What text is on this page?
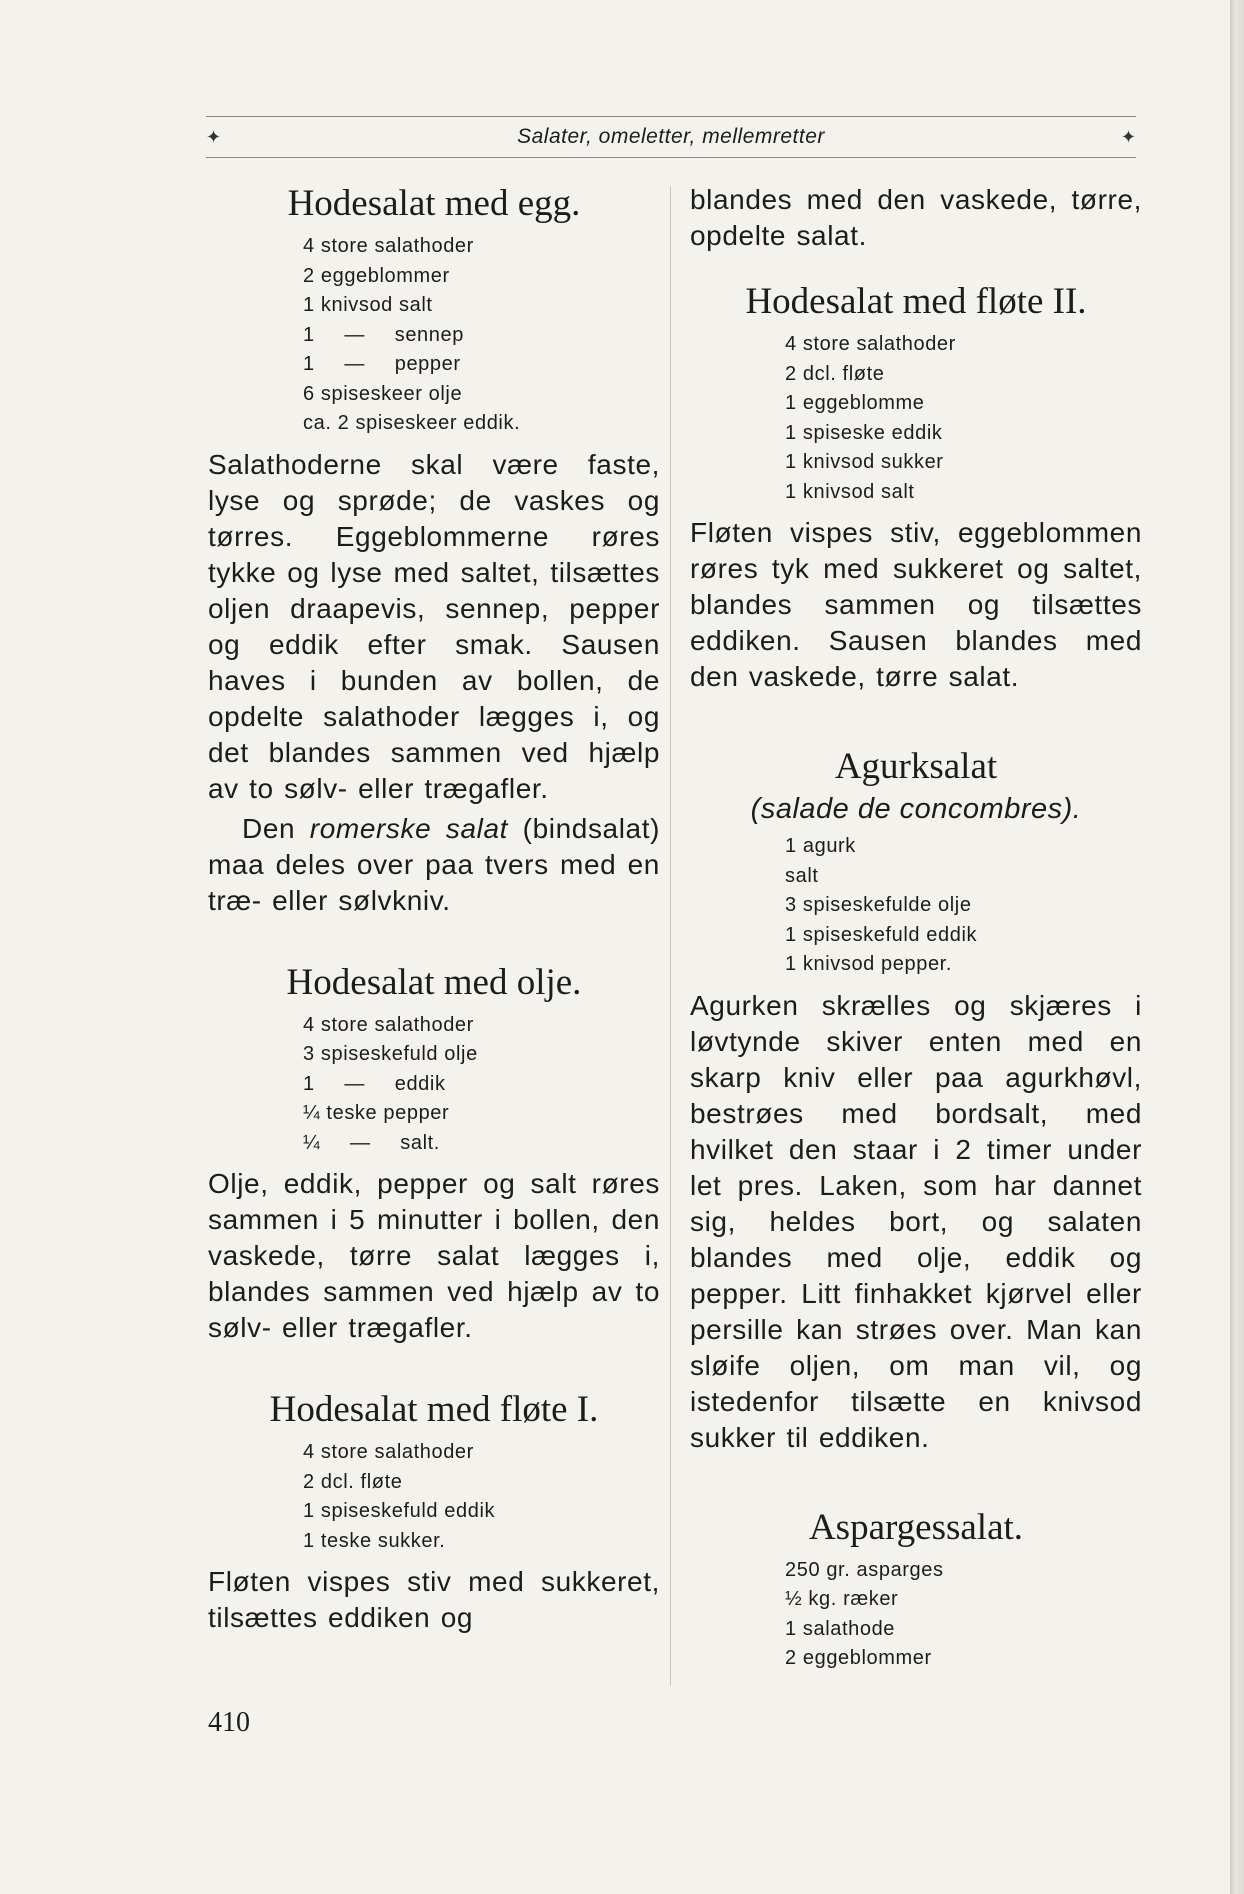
✦	Salater, omeletter, mellemretter	✦
Hodesalat med egg.
4 store salathoder
2 eggeblommer
1 knivsod salt
1 — sennep
1 — pepper
6 spiseskeer olje
ca. 2 spiseskeer eddik.

Salathoderne skal være faste, lyse og sprøde; de vaskes og tørres. Eggeblommerne røres tykke og lyse med saltet, tilsættes oljen draapevis, sennep, pepper og eddik efter smak. Sausen haves i bunden av bollen, de opdelte salathoder lægges i, og det blandes sammen ved hjælp av to sølv- eller trægafler.

Den romerske salat (bindsalat) maa deles over paa tvers med en træ- eller sølvkniv.

Hodesalat med olje.
4 store salathoder
3 spiseskefuld olje
1 — eddik
¼ teske pepper
¼ — salt.

Olje, eddik, pepper og salt røres sammen i 5 minutter i bollen, den vaskede, tørre salat lægges i, blandes sammen ved hjælp av to sølv- eller trægafler.

Hodesalat med fløte I.
4 store salathoder
2 dcl. fløte
1 spiseskefuld eddik
1 teske sukker.

Fløten vispes stiv med sukkeret, tilsættes eddiken og

blandes med den vaskede, tørre, opdelte salat.

Hodesalat med fløte II.
4 store salathoder
2 dcl. fløte
1 eggeblomme
1 spiseske eddik
1 knivsod sukker
1 knivsod salt

Fløten vispes stiv, eggeblommen røres tyk med sukkeret og saltet, blandes sammen og tilsættes eddiken. Sausen blandes med den vaskede, tørre salat.

Agurksalat
(salade de concombres).
1 agurk
salt
3 spiseskefulde olje
1 spiseskefuld eddik
1 knivsod pepper.

Agurken skrælles og skjæres i løvtynde skiver enten med en skarp kniv eller paa agurkhøvl, bestrøes med bordsalt, med hvilket den staar i 2 timer under let pres. Laken, som har dannet sig, heldes bort, og salaten blandes med olje, eddik og pepper. Litt finhakket kjørvel eller persille kan strøes over. Man kan sløife oljen, om man vil, og istedenfor tilsætte en knivsod sukker til eddiken.

Aspargessalat.
250 gr. asparges
½ kg. ræker
1 salathode
2 eggeblommer
410
